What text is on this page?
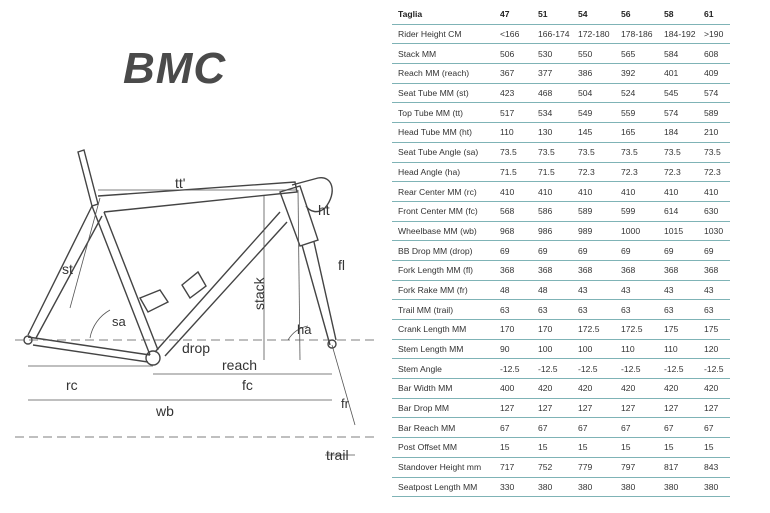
BMC
tt'
ht
st	fl
stack
sa
ha
drop
reach
rc	fc
wb	fr
trail
Taglia	47	51	54	56	58	61
Rider Height CM	<166	166-174	172-180	178-186	184-192	>190
Stack MM	506	530	550	565	584	608
Reach MM (reach)	367	377	386	392	401	409
Seat Tube MM (st)	423	468	504	524	545	574
Top Tube MM (tt)	517	534	549	559	574	589
Head Tube MM (ht)	110	130	145	165	184	210
Seat Tube Angle (sa)	73.5	73.5	73.5	73.5	73.5	73.5
Head Angle (ha)	71.5	71.5	72.3	72.3	72.3	72.3
Rear Center MM (rc)	410	410	410	410	410	410
Front Center MM (fc)	568	586	589	599	614	630
Wheelbase MM (wb)	968	986	989	1000	1015	1030
BB Drop MM (drop)	69	69	69	69	69	69
Fork Length MM (fl)	368	368	368	368	368	368
Fork Rake MM (fr)	48	48	43	43	43	43
Trail MM (trail)	63	63	63	63	63	63
Crank Length MM	170	170	172.5	172.5	175	175
Stem Length MM	90	100	100	110	110	120
Stem Angle	-12.5	-12.5	-12.5	-12.5	-12.5	-12.5
Bar Width MM	400	420	420	420	420	420
Bar Drop MM	127	127	127	127	127	127
Bar Reach MM	67	67	67	67	67	67
Post Offset MM	15	15	15	15	15	15
Standover Height mm	717	752	779	797	817	843
Seatpost Length MM	330	380	380	380	380	380
